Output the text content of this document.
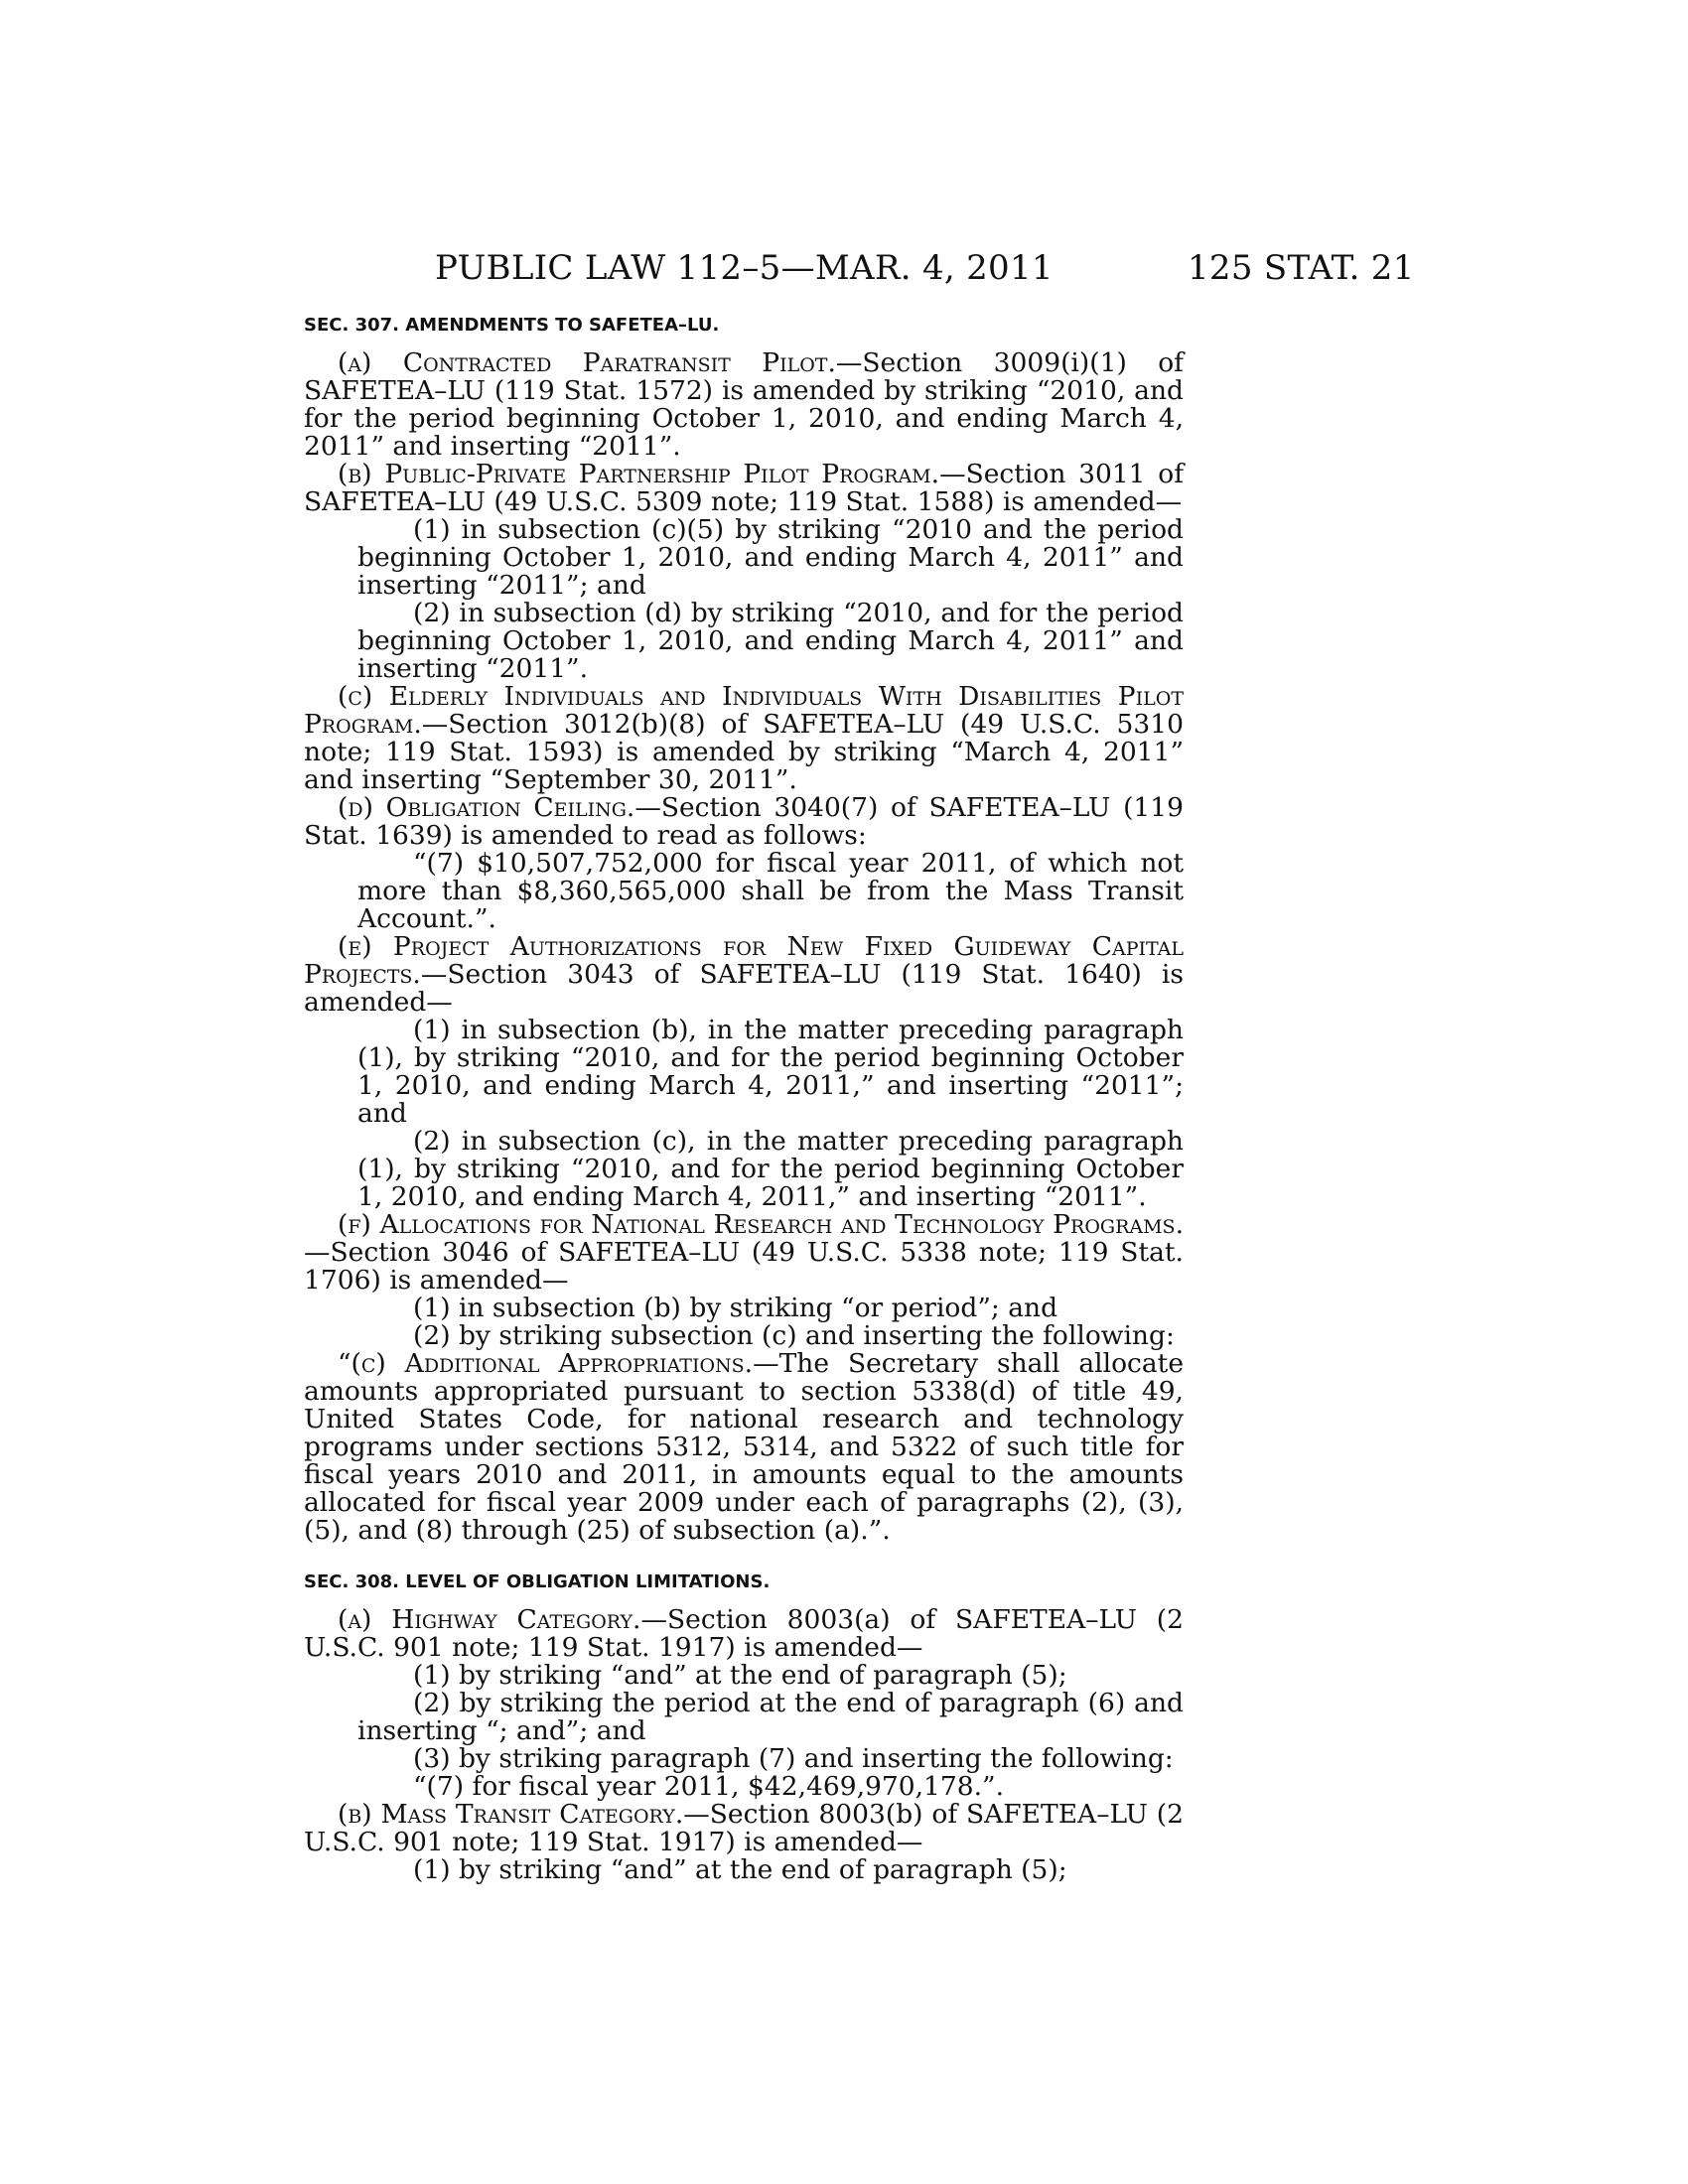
PUBLIC LAW 112–5—MAR. 4, 2011	125 STAT. 21
SEC. 307. AMENDMENTS TO SAFETEA–LU.

(a) Contracted Paratransit Pilot.—Section 3009(i)(1) of SAFETEA–LU (119 Stat. 1572) is amended by striking “2010, and for the period beginning October 1, 2010, and ending March 4, 2011” and inserting “2011”.

(b) Public-Private Partnership Pilot Program.—Section 3011 of SAFETEA–LU (49 U.S.C. 5309 note; 119 Stat. 1588) is amended—

(1) in subsection (c)(5) by striking “2010 and the period beginning October 1, 2010, and ending March 4, 2011” and inserting “2011”; and

(2) in subsection (d) by striking “2010, and for the period beginning October 1, 2010, and ending March 4, 2011” and inserting “2011”.

(c) Elderly Individuals and Individuals With Disabilities Pilot Program.—Section 3012(b)(8) of SAFETEA–LU (49 U.S.C. 5310 note; 119 Stat. 1593) is amended by striking “March 4, 2011” and inserting “September 30, 2011”.

(d) Obligation Ceiling.—Section 3040(7) of SAFETEA–LU (119 Stat. 1639) is amended to read as follows:

“(7) $10,507,752,000 for fiscal year 2011, of which not more than $8,360,565,000 shall be from the Mass Transit Account.”.

(e) Project Authorizations for New Fixed Guideway Capital Projects.—Section 3043 of SAFETEA–LU (119 Stat. 1640) is amended—

(1) in subsection (b), in the matter preceding paragraph (1), by striking “2010, and for the period beginning October 1, 2010, and ending March 4, 2011,” and inserting “2011”; and

(2) in subsection (c), in the matter preceding paragraph (1), by striking “2010, and for the period beginning October 1, 2010, and ending March 4, 2011,” and inserting “2011”.

(f) Allocations for National Research and Technology Programs.—Section 3046 of SAFETEA–LU (49 U.S.C. 5338 note; 119 Stat. 1706) is amended—

(1) in subsection (b) by striking “or period”; and

(2) by striking subsection (c) and inserting the following:

“(c) Additional Appropriations.—The Secretary shall allocate amounts appropriated pursuant to section 5338(d) of title 49, United States Code, for national research and technology programs under sections 5312, 5314, and 5322 of such title for fiscal years 2010 and 2011, in amounts equal to the amounts allocated for fiscal year 2009 under each of paragraphs (2), (3), (5), and (8) through (25) of subsection (a).”.

SEC. 308. LEVEL OF OBLIGATION LIMITATIONS.

(a) Highway Category.—Section 8003(a) of SAFETEA–LU (2 U.S.C. 901 note; 119 Stat. 1917) is amended—

(1) by striking “and” at the end of paragraph (5);

(2) by striking the period at the end of paragraph (6) and inserting “; and”; and

(3) by striking paragraph (7) and inserting the following:

“(7) for fiscal year 2011, $42,469,970,178.”.

(b) Mass Transit Category.—Section 8003(b) of SAFETEA–LU (2 U.S.C. 901 note; 119 Stat. 1917) is amended—

(1) by striking “and” at the end of paragraph (5);
